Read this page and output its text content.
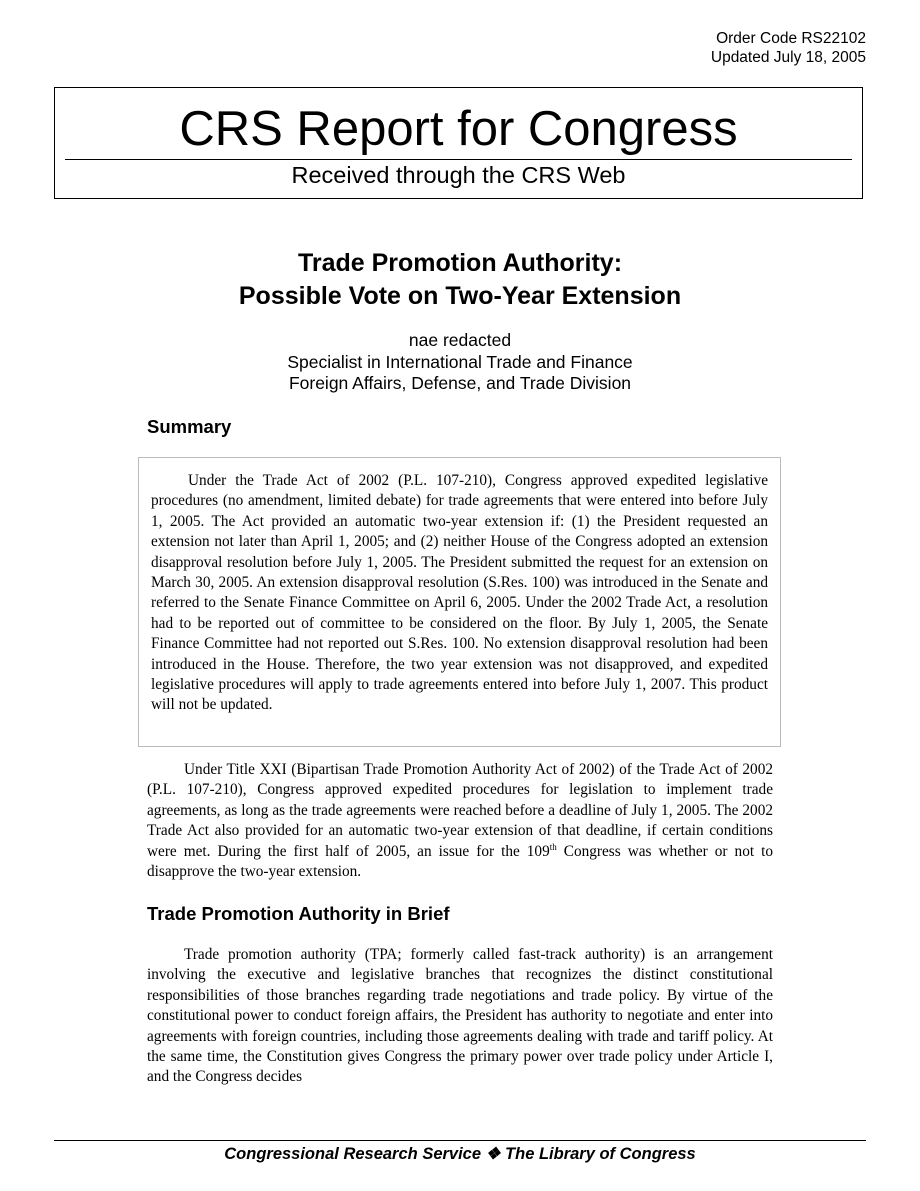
Order Code RS22102
Updated July 18, 2005
CRS Report for Congress
Received through the CRS Web
Trade Promotion Authority:
Possible Vote on Two-Year Extension
nae redacted
Specialist in International Trade and Finance
Foreign Affairs, Defense, and Trade Division
Summary

Under the Trade Act of 2002 (P.L. 107-210), Congress approved expedited legislative procedures (no amendment, limited debate) for trade agreements that were entered into before July 1, 2005. The Act provided an automatic two-year extension if: (1) the President requested an extension not later than April 1, 2005; and (2) neither House of the Congress adopted an extension disapproval resolution before July 1, 2005. The President submitted the request for an extension on March 30, 2005. An extension disapproval resolution (S.Res. 100) was introduced in the Senate and referred to the Senate Finance Committee on April 6, 2005. Under the 2002 Trade Act, a resolution had to be reported out of committee to be considered on the floor. By July 1, 2005, the Senate Finance Committee had not reported out S.Res. 100. No extension disapproval resolution had been introduced in the House. Therefore, the two year extension was not disapproved, and expedited legislative procedures will apply to trade agreements entered into before July 1, 2007. This product will not be updated.

Under Title XXI (Bipartisan Trade Promotion Authority Act of 2002) of the Trade Act of 2002 (P.L. 107-210), Congress approved expedited procedures for legislation to implement trade agreements, as long as the trade agreements were reached before a deadline of July 1, 2005. The 2002 Trade Act also provided for an automatic two-year extension of that deadline, if certain conditions were met. During the first half of 2005, an issue for the 109th Congress was whether or not to disapprove the two-year extension.

Trade Promotion Authority in Brief

Trade promotion authority (TPA; formerly called fast-track authority) is an arrangement involving the executive and legislative branches that recognizes the distinct constitutional responsibilities of those branches regarding trade negotiations and trade policy. By virtue of the constitutional power to conduct foreign affairs, the President has authority to negotiate and enter into agreements with foreign countries, including those agreements dealing with trade and tariff policy. At the same time, the Constitution gives Congress the primary power over trade policy under Article I, and the Congress decides

Congressional Research Service ❖ The Library of Congress
